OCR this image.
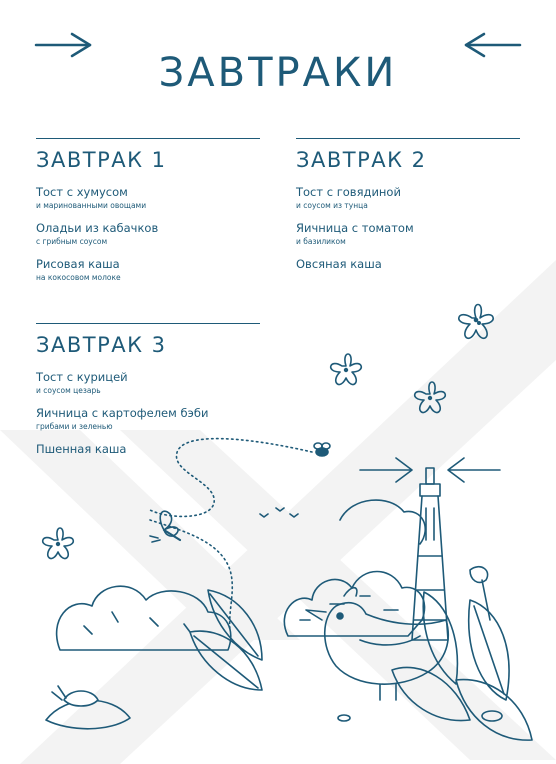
ЗАВТРАКИ
ЗАВТРАК 1
Тост с хумусом
и маринованными овощами
Оладьи из кабачков
с грибным соусом
Рисовая каша
на кокосовом молоке
ЗАВТРАК 2
Тост с говядиной
и соусом из тунца
Яичница с томатом
и базиликом
Овсяная каша
ЗАВТРАК 3
Тост с курицей
и соусом цезарь
Яичница с картофелем бэби
грибами и зеленью
Пшенная каша
